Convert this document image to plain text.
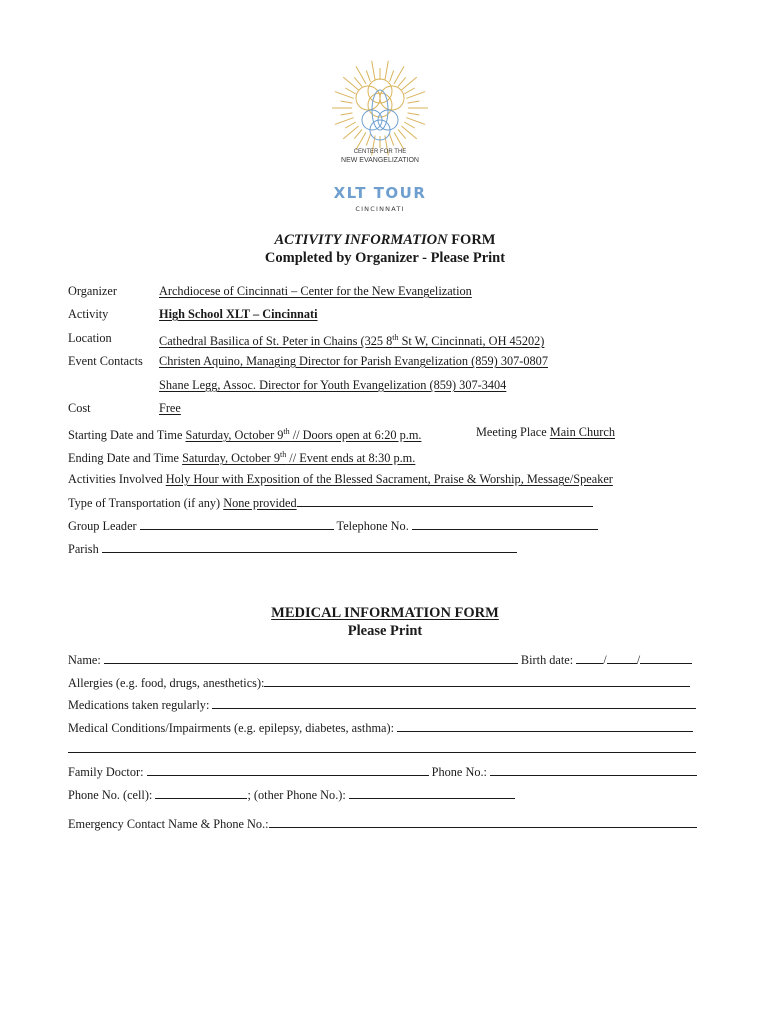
CENTER FOR THE
NEW EVANGELIZATION
XLT TOUR
CINCINNATI
ACTIVITY INFORMATION FORM
Completed by Organizer - Please Print
Organizer	Archdiocese of Cincinnati – Center for the New Evangelization
Activity	High School XLT – Cincinnati
Location	Cathedral Basilica of St. Peter in Chains (325 8th St W, Cincinnati, OH 45202)
Event Contacts Christen Aquino, Managing Director for Parish Evangelization (859) 307-0807
Shane Legg, Assoc. Director for Youth Evangelization (859) 307-3404
Cost	Free
Starting Date and Time Saturday, October 9th // Doors open at 6:20 p.m.	Meeting Place Main Church
Ending Date and Time Saturday, October 9th // Event ends at 8:30 p.m.
Activities Involved Holy Hour with Exposition of the Blessed Sacrament, Praise & Worship, Message/Speaker
Type of Transportation (if any) None provided
Group Leader	Telephone No.
Parish
MEDICAL INFORMATION FORM
Please Print
Name:	Birth date: / /
Allergies (e.g. food, drugs, anesthetics):
Medications taken regularly:
Medical Conditions/Impairments (e.g. epilepsy, diabetes, asthma):
Family Doctor:	Phone No.:
Phone No. (cell):	; (other Phone No.):
Emergency Contact Name & Phone No.:
